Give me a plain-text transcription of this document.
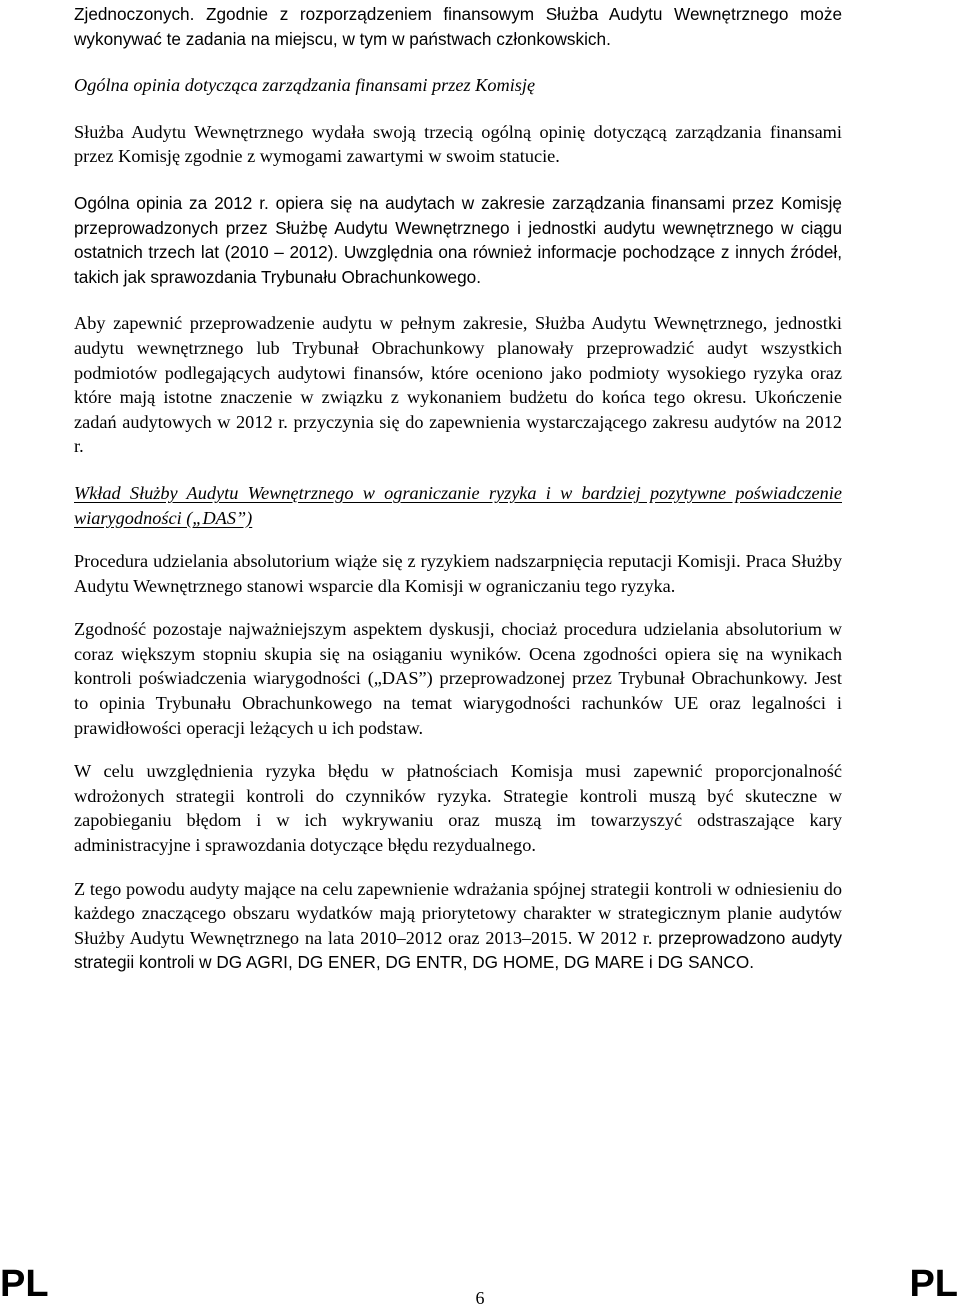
Zjednoczonych. Zgodnie z rozporządzeniem finansowym Służba Audytu Wewnętrznego może wykonywać te zadania na miejscu, w tym w państwach członkowskich.

Ogólna opinia dotycząca zarządzania finansami przez Komisję

Służba Audytu Wewnętrznego wydała swoją trzecią ogólną opinię dotyczącą zarządzania finansami przez Komisję zgodnie z wymogami zawartymi w swoim statucie.

Ogólna opinia za 2012 r. opiera się na audytach w zakresie zarządzania finansami przez Komisję przeprowadzonych przez Służbę Audytu Wewnętrznego i jednostki audytu wewnętrznego w ciągu ostatnich trzech lat (2010 – 2012). Uwzględnia ona również informacje pochodzące z innych źródeł, takich jak sprawozdania Trybunału Obrachunkowego.

Aby zapewnić przeprowadzenie audytu w pełnym zakresie, Służba Audytu Wewnętrznego, jednostki audytu wewnętrznego lub Trybunał Obrachunkowy planowały przeprowadzić audyt wszystkich podmiotów podlegających audytowi finansów, które oceniono jako podmioty wysokiego ryzyka oraz które mają istotne znaczenie w związku z wykonaniem budżetu do końca tego okresu. Ukończenie zadań audytowych w 2012 r. przyczynia się do zapewnienia wystarczającego zakresu audytów na 2012 r.

Wkład Służby Audytu Wewnętrznego w ograniczanie ryzyka i w bardziej pozytywne poświadczenie wiarygodności („DAS”)

Procedura udzielania absolutorium wiąże się z ryzykiem nadszarpnięcia reputacji Komisji. Praca Służby Audytu Wewnętrznego stanowi wsparcie dla Komisji w ograniczaniu tego ryzyka.

Zgodność pozostaje najważniejszym aspektem dyskusji, chociaż procedura udzielania absolutorium w coraz większym stopniu skupia się na osiąganiu wyników. Ocena zgodności opiera się na wynikach kontroli poświadczenia wiarygodności („DAS”) przeprowadzonej przez Trybunał Obrachunkowy. Jest to opinia Trybunału Obrachunkowego na temat wiarygodności rachunków UE oraz legalności i prawidłowości operacji leżących u ich podstaw.

W celu uwzględnienia ryzyka błędu w płatnościach Komisja musi zapewnić proporcjonalność wdrożonych strategii kontroli do czynników ryzyka. Strategie kontroli muszą być skuteczne w zapobieganiu błędom i w ich wykrywaniu oraz muszą im towarzyszyć odstraszające kary administracyjne i sprawozdania dotyczące błędu rezydualnego.

Z tego powodu audyty mające na celu zapewnienie wdrażania spójnej strategii kontroli w odniesieniu do każdego znaczącego obszaru wydatków mają priorytetowy charakter w strategicznym planie audytów Służby Audytu Wewnętrznego na lata 2010–2012 oraz 2013–2015. W 2012 r. przeprowadzono audyty strategii kontroli w DG AGRI, DG ENER, DG ENTR, DG HOME, DG MARE i DG SANCO.

PL	6	PL
